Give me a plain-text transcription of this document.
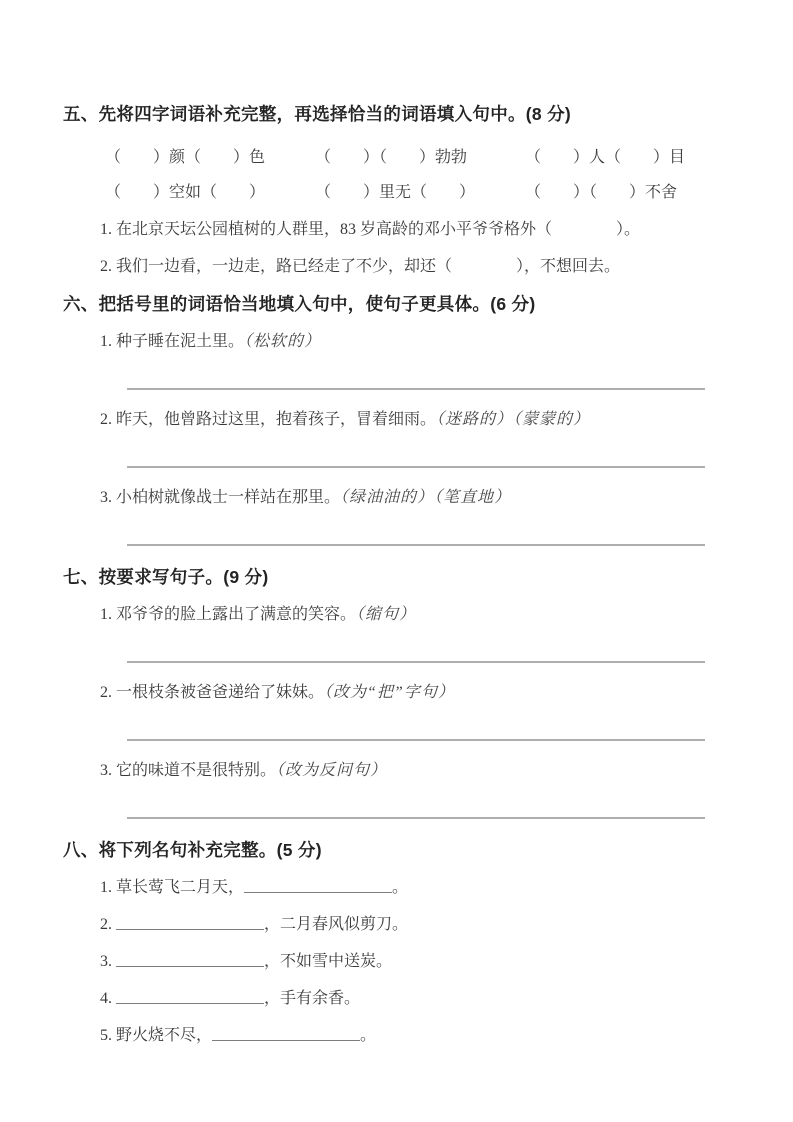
五、先将四字词语补充完整，再选择恰当的词语填入句中。(8 分)
（　　）颜（　　）色	（　　）（　　）勃勃	（　　）人（　　）目
（　　）空如（　　）	（　　）里无（　　）	（　　）（　　）不舍

1. 在北京天坛公园植树的人群里，83 岁高龄的邓小平爷爷格外（　　　　）。

2. 我们一边看，一边走，路已经走了不少，却还（　　　　），不想回去。

六、把括号里的词语恰当地填入句中，使句子更具体。(6 分)

1. 种子睡在泥土里。（松软的）

2. 昨天，他曾路过这里，抱着孩子，冒着细雨。（迷路的）（蒙蒙的）

3. 小柏树就像战士一样站在那里。（绿油油的）（笔直地）

七、按要求写句子。(9 分)

1. 邓爷爷的脸上露出了满意的笑容。（缩句）

2. 一根枝条被爸爸递给了妹妹。（改为“把”字句）

3. 它的味道不是很特别。（改为反问句）

八、将下列名句补充完整。(5 分)

1. 草长莺飞二月天，	。

2.	，二月春风似剪刀。

3.	，不如雪中送炭。

4.	，手有余香。

5. 野火烧不尽，	。
